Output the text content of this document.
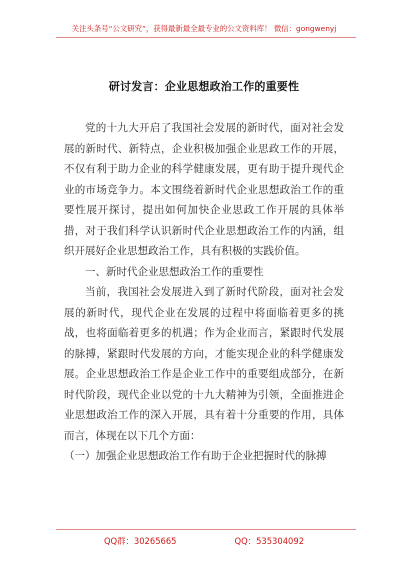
关注头条号“公文研究”，获得最新最全最专业的公文资料库！ 微信：gongwenyj
研讨发言：企业思想政治工作的重要性

党的十九大开启了我国社会发展的新时代，面对社会发展的新时代、新特点，企业积极加强企业思政工作的开展，不仅有利于助力企业的科学健康发展，更有助于提升现代企业的市场竞争力。本文围绕着新时代企业思想政治工作的重要性展开探讨，提出如何加快企业思政工作开展的具体举措，对于我们科学认识新时代企业思想政治工作的内涵，组织开展好企业思想政治工作，具有积极的实践价值。

一、新时代企业思想政治工作的重要性

当前，我国社会发展进入到了新时代阶段，面对社会发展的新时代，现代企业在发展的过程中将面临着更多的挑战，也将面临着更多的机遇；作为企业而言，紧跟时代发展的脉搏，紧跟时代发展的方向，才能实现企业的科学健康发展。企业思想政治工作是企业工作中的重要组成部分，在新时代阶段，现代企业以党的十九大精神为引领，全面推进企业思想政治工作的深入开展，具有着十分重要的作用，具体而言，体现在以下几个方面：

（一）加强企业思想政治工作有助于企业把握时代的脉搏

QQ群：30265665	QQ：535304092
